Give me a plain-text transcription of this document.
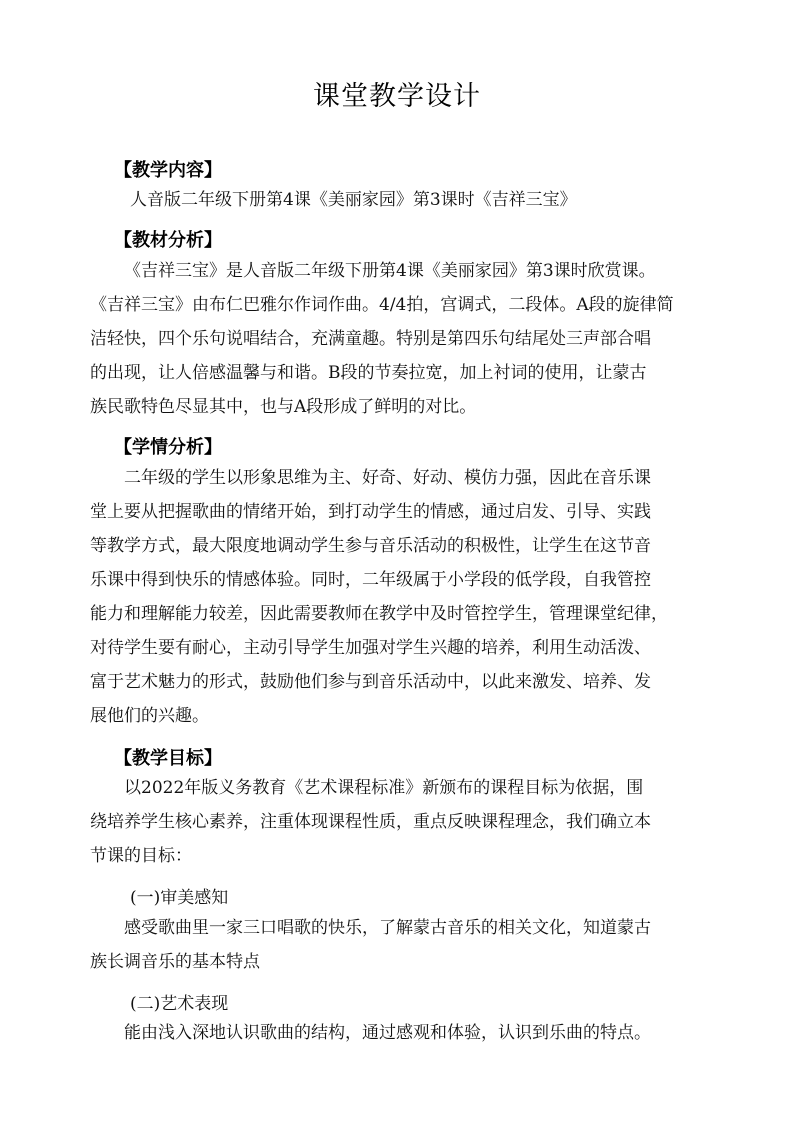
课堂教学设计
【教学内容】
人音版二年级下册第4课《美丽家园》第3课时《吉祥三宝》
【教材分析】
《吉祥三宝》是人音版二年级下册第4课《美丽家园》第3课时欣赏课。
《吉祥三宝》由布仁巴雅尔作词作曲。4/4拍，宫调式，二段体。A段的旋律简
洁轻快，四个乐句说唱结合，充满童趣。特别是第四乐句结尾处三声部合唱
的出现，让人倍感温馨与和谐。B段的节奏拉宽，加上衬词的使用，让蒙古
族民歌特色尽显其中，也与A段形成了鲜明的对比。
【学情分析】
二年级的学生以形象思维为主、好奇、好动、模仿力强，因此在音乐课
堂上要从把握歌曲的情绪开始，到打动学生的情感，通过启发、引导、实践
等教学方式，最大限度地调动学生参与音乐活动的积极性，让学生在这节音
乐课中得到快乐的情感体验。同时，二年级属于小学段的低学段，自我管控
能力和理解能力较差，因此需要教师在教学中及时管控学生，管理课堂纪律，
对待学生要有耐心，主动引导学生加强对学生兴趣的培养，利用生动活泼、
富于艺术魅力的形式，鼓励他们参与到音乐活动中，以此来激发、培养、发
展他们的兴趣。
【教学目标】
以2022年版义务教育《艺术课程标准》新颁布的课程目标为依据，围
绕培养学生核心素养，注重体现课程性质，重点反映课程理念，我们确立本
节课的目标：
(一)审美感知
感受歌曲里一家三口唱歌的快乐，了解蒙古音乐的相关文化，知道蒙古
族长调音乐的基本特点
(二)艺术表现
能由浅入深地认识歌曲的结构，通过感观和体验，认识到乐曲的特点。
